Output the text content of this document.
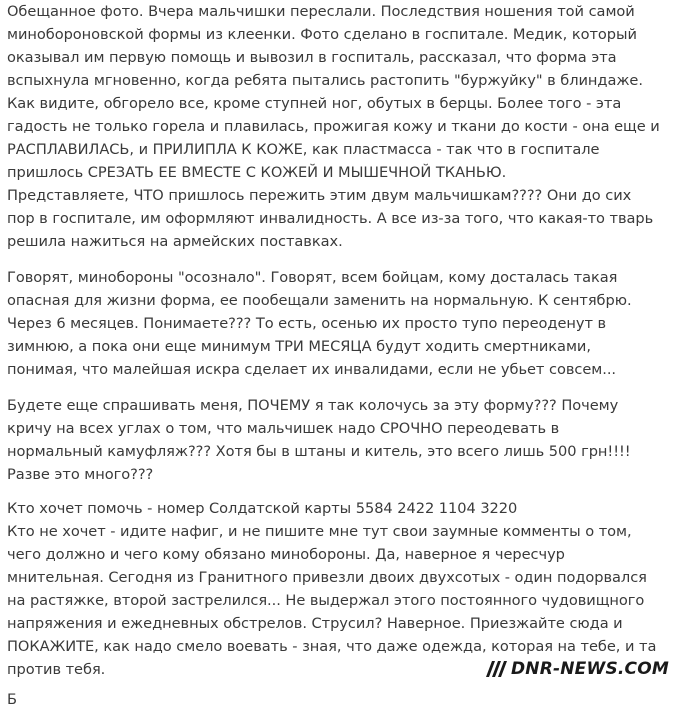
Обещанное фото. Вчера мальчишки переслали. Последствия ношения той самой
минобороновской формы из клеенки. Фото сделано в госпитале. Медик, который
оказывал им первую помощь и вывозил в госпиталь, рассказал, что форма эта
вспыхнула мгновенно, когда ребята пытались растопить "буржуйку" в блиндаже.
Как видите, обгорело все, кроме ступней ног, обутых в берцы. Более того - эта
гадость не только горела и плавилась, прожигая кожу и ткани до кости - она еще и
РАСПЛАВИЛАСЬ, и ПРИЛИПЛА К КОЖЕ, как пластмасса - так что в госпитале
пришлось СРЕЗАТЬ ЕЕ ВМЕСТЕ С КОЖЕЙ И МЫШЕЧНОЙ ТКАНЬЮ.
Представляете, ЧТО пришлось пережить этим двум мальчишкам???? Они до сих
пор в госпитале, им оформляют инвалидность. А все из-за того, что какая-то тварь
решила нажиться на армейских поставках.
Говорят, минобороны "осознало". Говорят, всем бойцам, кому досталась такая
опасная для жизни форма, ее пообещали заменить на нормальную. К сентябрю.
Через 6 месяцев. Понимаете??? То есть, осенью их просто тупо переоденут в
зимнюю, а пока они еще минимум ТРИ МЕСЯЦА будут ходить смертниками,
понимая, что малейшая искра сделает их инвалидами, если не убьет совсем...
Будете еще спрашивать меня, ПОЧЕМУ я так колочусь за эту форму??? Почему
кричу на всех углах о том, что мальчишек надо СРОЧНО переодевать в
нормальный камуфляж??? Хотя бы в штаны и китель, это всего лишь 500 грн!!!!
Разве это много???
Кто хочет помочь - номер Солдатской карты 5584 2422 1104 3220
Кто не хочет - идите нафиг, и не пишите мне тут свои заумные комменты о том,
чего должно и чего кому обязано минобороны. Да, наверное я чересчур
мнительная. Сегодня из Гранитного привезли двоих двухсотых - один подорвался
на растяжке, второй застрелился... Не выдержал этого постоянного чудовищного
напряжения и ежедневных обстрелов. Струсил? Наверное. Приезжайте сюда и
ПОКАЖИТЕ, как надо смело воевать - зная, что даже одежда, которая на тебе, и та
против тебя.
Б
DNR-NEWS.COM
